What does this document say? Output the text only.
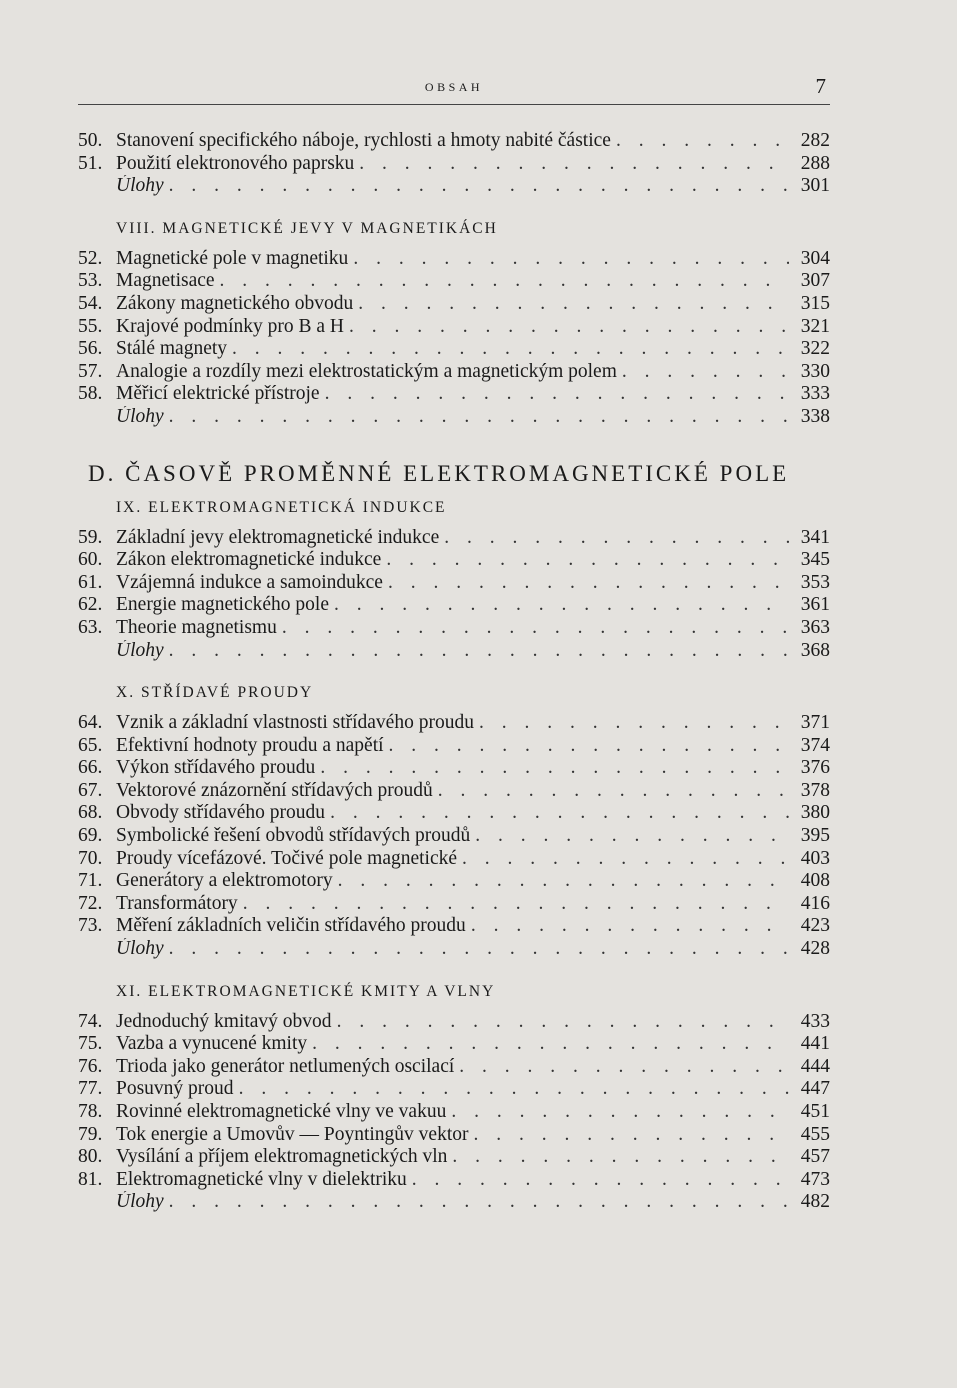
OBSAH	7
50. Stanovení specifického náboje, rychlosti a hmoty nabité částice . . .	282
51. Použití elektronového paprsku . . .	288
Úlohy . . .	301
VIII. MAGNETICKÉ JEVY V MAGNETIKÁCH
52. Magnetické pole v magnetiku . . .	304
53. Magnetisace . . .	307
54. Zákony magnetického obvodu . . .	315
55. Krajové podmínky pro B a H . . .	321
56. Stálé magnety . . .	322
57. Analogie a rozdíly mezi elektrostatickým a magnetickým polem . . .	330
58. Měřicí elektrické přístroje . . .	333
Úlohy . . .	338
D. ČASOVĚ PROMĚNNÉ ELEKTROMAGNETICKÉ POLE
IX. ELEKTROMAGNETICKÁ INDUKCE
59. Základní jevy elektromagnetické indukce . . .	341
60. Zákon elektromagnetické indukce . . .	345
61. Vzájemná indukce a samoindukce . . .	353
62. Energie magnetického pole . . .	361
63. Theorie magnetismu . . .	363
Úlohy . . .	368
X. STŘÍDAVÉ PROUDY
64. Vznik a základní vlastnosti střídavého proudu . . .	371
65. Efektivní hodnoty proudu a napětí . . .	374
66. Výkon střídavého proudu . . .	376
67. Vektorové znázornění střídavých proudů . . .	378
68. Obvody střídavého proudu . . .	380
69. Symbolické řešení obvodů střídavých proudů . . .	395
70. Proudy vícefázové. Točivé pole magnetické . . .	403
71. Generátory a elektromotory . . .	408
72. Transformátory . . .	416
73. Měření základních veličin střídavého proudu . . .	423
Úlohy . . .	428
XI. ELEKTROMAGNETICKÉ KMITY A VLNY
74. Jednoduchý kmitavý obvod . . .	433
75. Vazba a vynucené kmity . . .	441
76. Trioda jako generátor netlumených oscilací . . .	444
77. Posuvný proud . . .	447
78. Rovinné elektromagnetické vlny ve vakuu . . .	451
79. Tok energie a Umovův — Poyntingův vektor . . .	455
80. Vysílání a příjem elektromagnetických vln . . .	457
81. Elektromagnetické vlny v dielektriku . . .	473
Úlohy . . .	482
